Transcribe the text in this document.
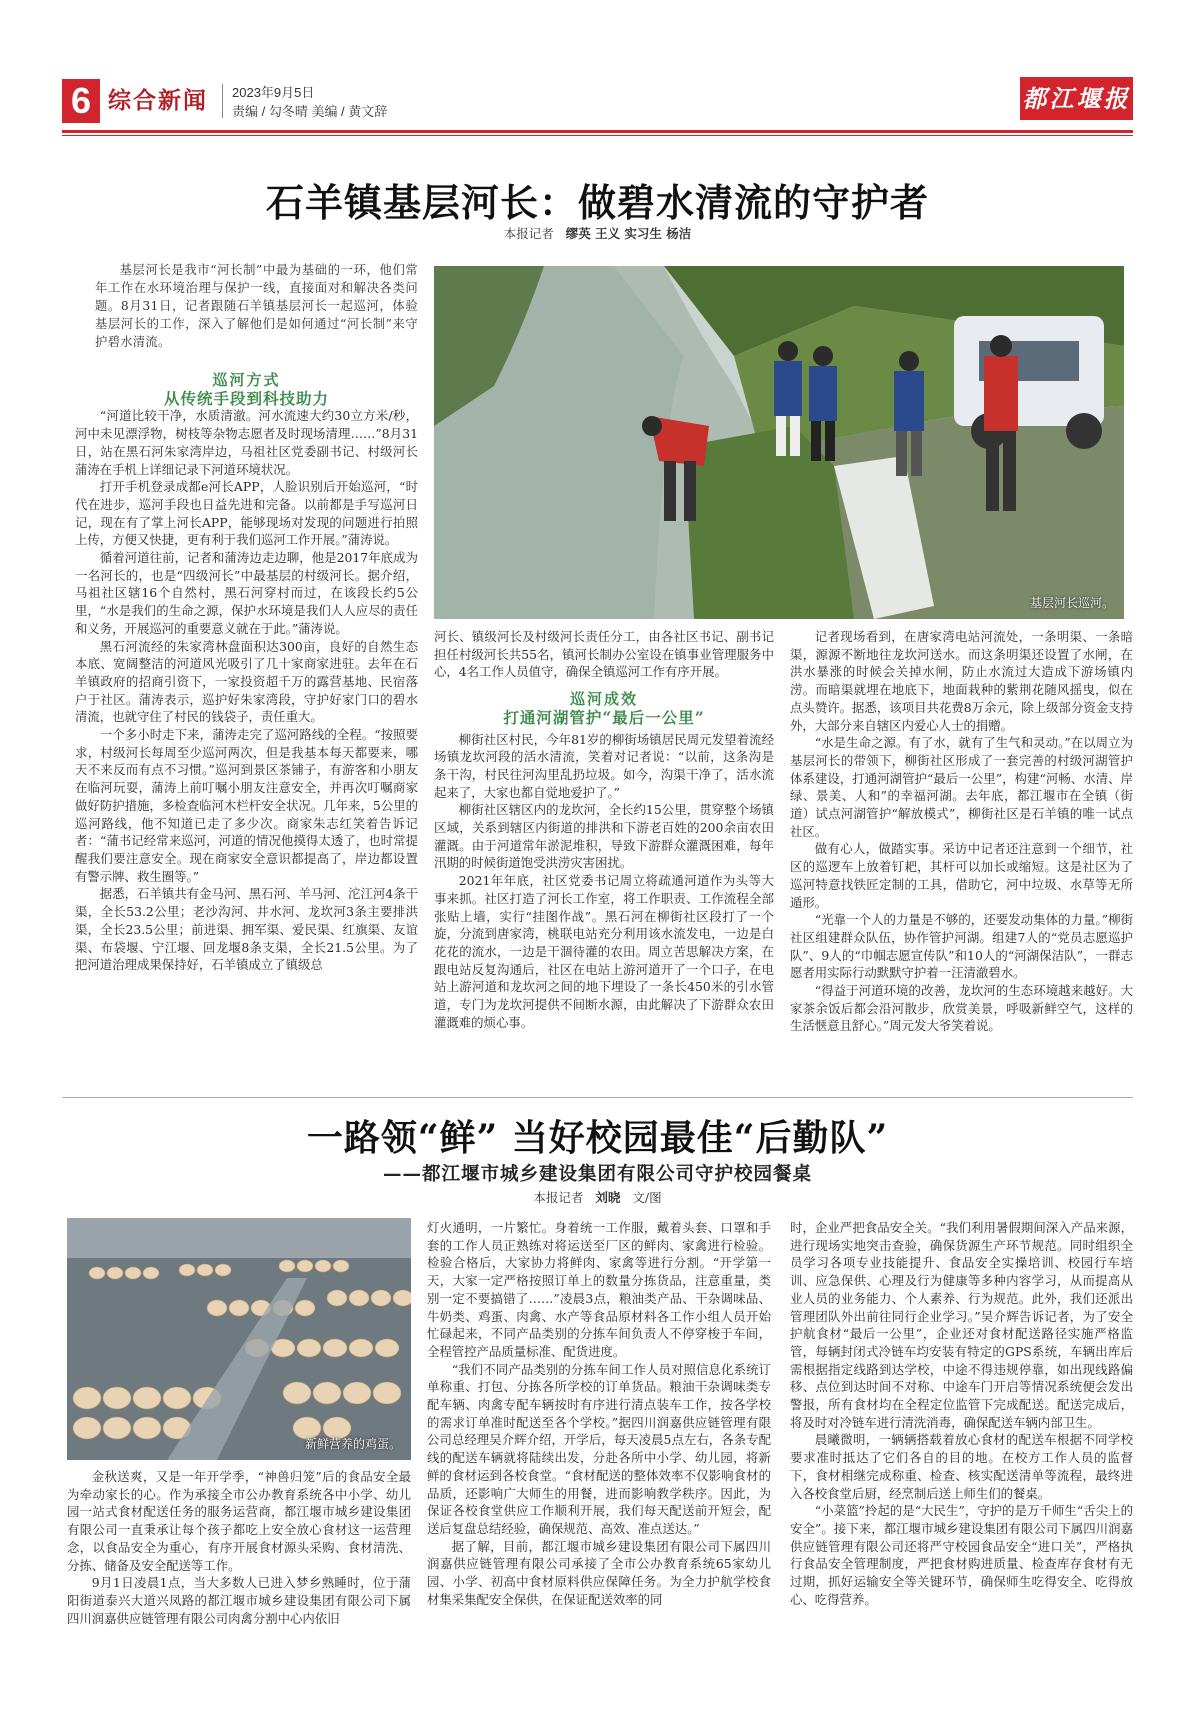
6 综合新闻 2023年9月5日
责编 / 勾冬晴 美编 / 黄文辞	都江堰报
石羊镇基层河长：做碧水清流的守护者
本报记者 缪英 王义 实习生 杨洁
基层河长是我市“河长制”中最为基础的一环，他们常年工作在水环境治理与保护一线，直接面对和解决各类问题。8月31日，记者跟随石羊镇基层河长一起巡河，体验基层河长的工作，深入了解他们是如何通过“河长制”来守护碧水清流。
基层河长巡河。
巡河方式
从传统手段到科技助力

“河道比较干净，水质清澈。河水流速大约30立方米/秒，河中未见漂浮物，树枝等杂物志愿者及时现场清理……”8月31日，站在黑石河朱家湾岸边，马祖社区党委副书记、村级河长蒲涛在手机上详细记录下河道环境状况。

打开手机登录成都e河长APP，人脸识别后开始巡河，“时代在进步，巡河手段也日益先进和完备。以前都是手写巡河日记，现在有了掌上河长APP，能够现场对发现的问题进行拍照上传，方便又快捷，更有利于我们巡河工作开展。”蒲涛说。

循着河道往前，记者和蒲涛边走边聊，他是2017年底成为一名河长的，也是“四级河长”中最基层的村级河长。据介绍，马祖社区辖16个自然村，黑石河穿村而过，在该段长约5公里，“水是我们的生命之源，保护水环境是我们人人应尽的责任和义务，开展巡河的重要意义就在于此。”蒲涛说。

黑石河流经的朱家湾林盘面积达300亩，良好的自然生态本底、宽阔整洁的河道风光吸引了几十家商家进驻。去年在石羊镇政府的招商引资下，一家投资超千万的露营基地、民宿落户于社区。蒲涛表示，巡护好朱家湾段，守护好家门口的碧水清流，也就守住了村民的钱袋子，责任重大。

一个多小时走下来，蒲涛走完了巡河路线的全程。“按照要求，村级河长每周至少巡河两次，但是我基本每天都要来，哪天不来反而有点不习惯。”巡河到景区茶铺子，有游客和小朋友在临河玩耍，蒲涛上前叮嘱小朋友注意安全，并再次叮嘱商家做好防护措施，多检查临河木栏杆安全状况。几年来，5公里的巡河路线，他不知道已走了多少次。商家朱志红笑着告诉记者：“蒲书记经常来巡河，河道的情况他摸得太透了，也时常提醒我们要注意安全。现在商家安全意识都提高了，岸边都设置有警示牌、救生圈等。”

据悉，石羊镇共有金马河、黑石河、羊马河、沱江河4条干渠，全长53.2公里；老沙沟河、井水河、龙坎河3条主要排洪渠，全长23.5公里；前进渠、拥军渠、爱民渠、红旗渠、友谊渠、布袋堰、宁江堰、回龙堰8条支渠，全长21.5公里。为了把河道治理成果保持好，石羊镇成立了镇级总

河长、镇级河长及村级河长责任分工，由各社区书记、副书记担任村级河长共55名，镇河长制办公室设在镇事业管理服务中心，4名工作人员值守，确保全镇巡河工作有序开展。

巡河成效
打通河湖管护“最后一公里”

柳街社区村民，今年81岁的柳街场镇居民周元发望着流经场镇龙坎河段的活水清流，笑着对记者说：“以前，这条沟是条干沟，村民往河沟里乱扔垃圾。如今，沟渠干净了，活水流起来了，大家也都自觉地爱护了。”

柳街社区辖区内的龙坎河，全长约15公里，贯穿整个场镇区域，关系到辖区内街道的排洪和下游老百姓的200余亩农田灌溉。由于河道常年淤泥堆积，导致下游群众灌溉困难，每年汛期的时候街道饱受洪涝灾害困扰。

2021年年底，社区党委书记周立将疏通河道作为头等大事来抓。社区打造了河长工作室，将工作职责、工作流程全部张贴上墙，实行“挂图作战”。黑石河在柳街社区段打了一个旋，分流到唐家湾，桃联电站充分利用该水流发电，一边是白花花的流水，一边是干涸待灌的农田。周立苦思解决方案，在跟电站反复沟通后，社区在电站上游河道开了一个口子，在电站上游河道和龙坎河之间的地下埋设了一条长450米的引水管道，专门为龙坎河提供不间断水源，由此解决了下游群众农田灌溉难的烦心事。

记者现场看到，在唐家湾电站河流处，一条明渠、一条暗渠，源源不断地往龙坎河送水。而这条明渠还设置了水闸，在洪水暴涨的时候会关掉水闸，防止水流过大造成下游场镇内涝。而暗渠就埋在地底下，地面栽种的紫荆花随风摇曳，似在点头赞许。据悉，该项目共花费8万余元，除上级部分资金支持外，大部分来自辖区内爱心人士的捐赠。

“水是生命之源。有了水，就有了生气和灵动。”在以周立为基层河长的带领下，柳街社区形成了一套完善的村级河湖管护体系建设，打通河湖管护“最后一公里”，构建“河畅、水清、岸绿、景美、人和”的幸福河湖。去年底，都江堰市在全镇（街道）试点河湖管护“解放模式”，柳街社区是石羊镇的唯一试点社区。

做有心人，做踏实事。采访中记者还注意到一个细节，社区的巡逻车上放着钉耙，其杆可以加长或缩短。这是社区为了巡河特意找铁匠定制的工具，借助它，河中垃圾、水草等无所遁形。

“光靠一个人的力量是不够的，还要发动集体的力量。”柳街社区组建群众队伍，协作管护河湖。组建7人的“党员志愿巡护队”、9人的“巾帼志愿宣传队”和10人的“河湖保洁队”，一群志愿者用实际行动默默守护着一汪清澈碧水。

“得益于河道环境的改善，龙坎河的生态环境越来越好。大家茶余饭后都会沿河散步，欣赏美景，呼吸新鲜空气，这样的生活惬意且舒心。”周元发大爷笑着说。

一路领“鲜” 当好校园最佳“后勤队”
——都江堰市城乡建设集团有限公司守护校园餐桌
本报记者 刘晓 文/图
新鲜营养的鸡蛋。

金秋送爽，又是一年开学季，“神兽归笼”后的食品安全最为牵动家长的心。作为承接全市公办教育系统各中小学、幼儿园一站式食材配送任务的服务运营商，都江堰市城乡建设集团有限公司一直秉承让每个孩子都吃上安全放心食材这一运营理念，以食品安全为重心，有序开展食材源头采购、食材清洗、分拣、储备及安全配送等工作。

9月1日凌晨1点，当大多数人已进入梦乡熟睡时，位于蒲阳街道泰兴大道兴凤路的都江堰市城乡建设集团有限公司下属四川润嘉供应链管理有限公司肉禽分割中心内依旧

灯火通明，一片繁忙。身着统一工作服，戴着头套、口罩和手套的工作人员正熟练对将运送至厂区的鲜肉、家禽进行检验。检验合格后，大家协力将鲜肉、家禽等进行分割。“开学第一天，大家一定严格按照订单上的数量分拣货品，注意重量，类别一定不要搞错了……”凌晨3点，粮油类产品、干杂调味品、牛奶类、鸡蛋、肉禽、水产等食品原材料各工作小组人员开始忙碌起来，不同产品类别的分拣车间负责人不停穿梭于车间，全程管控产品质量标准、配货进度。

“我们不同产品类别的分拣车间工作人员对照信息化系统订单称重、打包、分拣各所学校的订单货品。粮油干杂调味类专配车辆、肉禽专配车辆按时有序进行清点装车工作，按各学校的需求订单准时配送至各个学校。”据四川润嘉供应链管理有限公司总经理吴介辉介绍，开学后，每天凌晨5点左右，各条专配线的配送车辆就将陆续出发，分赴各所中小学、幼儿园，将新鲜的食材运到各校食堂。“食材配送的整体效率不仅影响食材的品质，还影响广大师生的用餐，进而影响教学秩序。因此，为保证各校食堂供应工作顺利开展，我们每天配送前开短会，配送后复盘总结经验，确保规范、高效、准点送达。”

据了解，目前，都江堰市城乡建设集团有限公司下属四川润嘉供应链管理有限公司承接了全市公办教育系统65家幼儿园、小学、初高中食材原料供应保障任务。为全力护航学校食材集采集配安全保供，在保证配送效率的同

时，企业严把食品安全关。“我们利用暑假期间深入产品来源，进行现场实地突击查验，确保货源生产环节规范。同时组织全员学习各项专业技能提升、食品安全实操培训、校园行车培训、应急保供、心理及行为健康等多种内容学习，从而提高从业人员的业务能力、个人素养、行为规范。此外，我们还派出管理团队外出前往同行企业学习。”吴介辉告诉记者，为了安全护航食材“最后一公里”，企业还对食材配送路径实施严格监管，每辆封闭式冷链车均安装有特定的GPS系统，车辆出库后需根据指定线路到达学校，中途不得违规停靠，如出现线路偏移、点位到达时间不对称、中途车门开启等情况系统便会发出警报，所有食材均在全程定位监管下完成配送。配送完成后，将及时对冷链车进行清洗消毒，确保配送车辆内部卫生。

晨曦微明，一辆辆搭载着放心食材的配送车根据不同学校要求准时抵达了它们各自的目的地。在校方工作人员的监督下，食材相继完成称重、检查、核实配送清单等流程，最终进入各校食堂后厨，经烹制后送上师生们的餐桌。

“小菜篮”拎起的是“大民生”，守护的是万千师生“舌尖上的安全”。接下来，都江堰市城乡建设集团有限公司下属四川润嘉供应链管理有限公司还将严守校园食品安全“进口关”，严格执行食品安全管理制度，严把食材购进质量、检查库存食材有无过期，抓好运输安全等关键环节，确保师生吃得安全、吃得放心、吃得营养。
